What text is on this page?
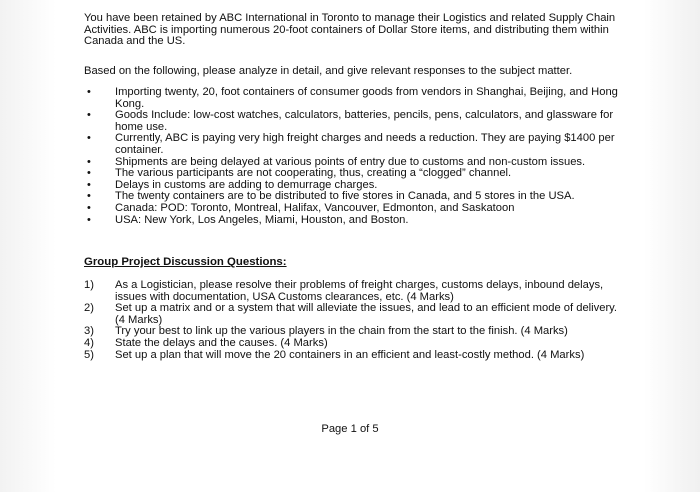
You have been retained by ABC International in Toronto to manage their Logistics and related Supply Chain Activities. ABC is importing numerous 20-foot containers of Dollar Store items, and distributing them within Canada and the US.
Based on the following, please analyze in detail, and give relevant responses to the subject matter.
• Importing twenty, 20, foot containers of consumer goods from vendors in Shanghai, Beijing, and Hong Kong.
• Goods Include: low-cost watches, calculators, batteries, pencils, pens, calculators, and glassware for home use.
• Currently, ABC is paying very high freight charges and needs a reduction. They are paying $1400 per container.
• Shipments are being delayed at various points of entry due to customs and non-custom issues.
• The various participants are not cooperating, thus, creating a “clogged” channel.
• Delays in customs are adding to demurrage charges.
• The twenty containers are to be distributed to five stores in Canada, and 5 stores in the USA.
• Canada: POD: Toronto, Montreal, Halifax, Vancouver, Edmonton, and Saskatoon
• USA: New York, Los Angeles, Miami, Houston, and Boston.
Group Project Discussion Questions:
1) As a Logistician, please resolve their problems of freight charges, customs delays, inbound delays, issues with documentation, USA Customs clearances, etc. (4 Marks)
2) Set up a matrix and or a system that will alleviate the issues, and lead to an efficient mode of delivery. (4 Marks)
3) Try your best to link up the various players in the chain from the start to the finish. (4 Marks)
4) State the delays and the causes. (4 Marks)
5) Set up a plan that will move the 20 containers in an efficient and least-costly method. (4 Marks)
Page 1 of 5
